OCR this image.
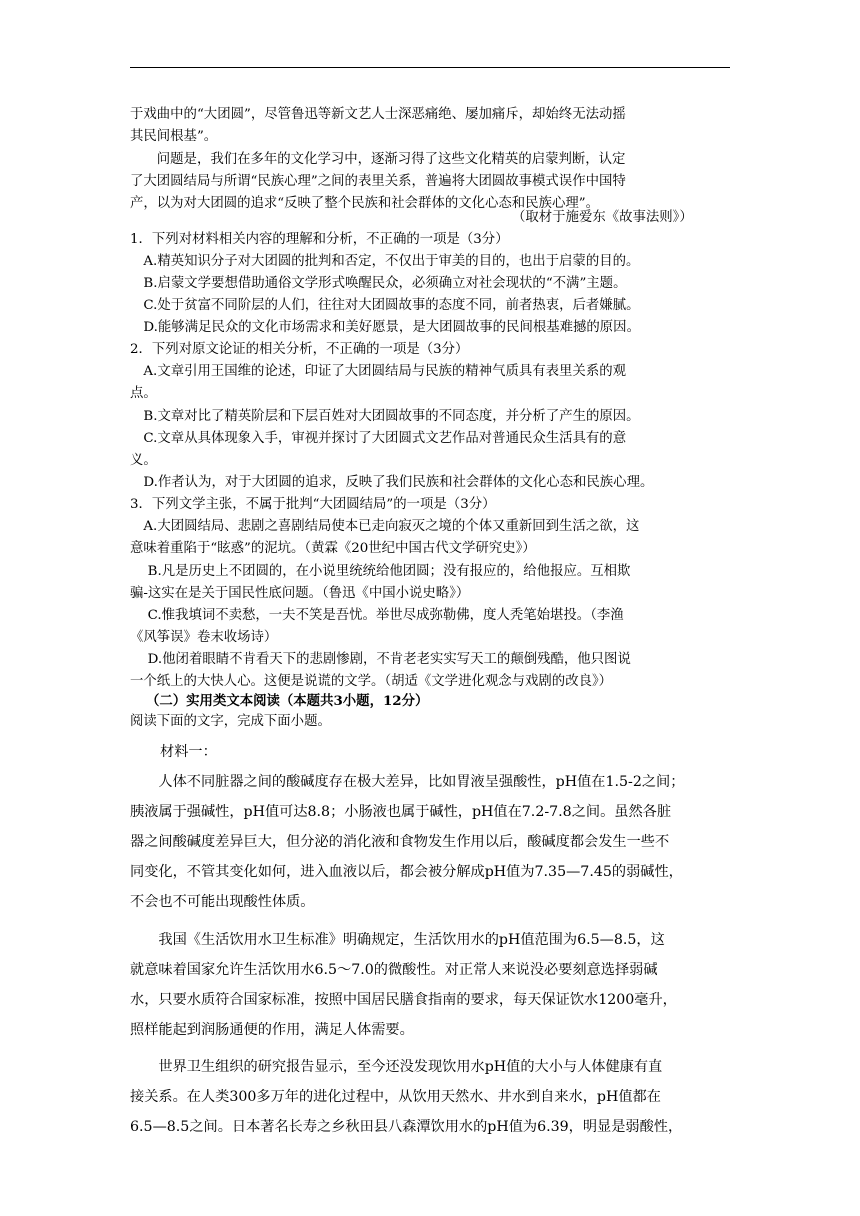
于戏曲中的“大团圆”，尽管鲁迅等新文艺人士深恶痛绝、屡加痛斥，却始终无法动摇
其民间根基”。
　　问题是，我们在多年的文化学习中，逐渐习得了这些文化精英的启蒙判断，认定
了大团圆结局与所谓“民族心理”之间的表里关系，普遍将大团圆故事模式误作中国特
产，以为对大团圆的追求“反映了整个民族和社会群体的文化心态和民族心理”。
（取材于施爱东《故事法则》）
1．下列对材料相关内容的理解和分析，不正确的一项是（3分）
　A.精英知识分子对大团圆的批判和否定，不仅出于审美的目的，也出于启蒙的目的。
　B.启蒙文学要想借助通俗文学形式唤醒民众，必须确立对社会现状的“不满”主题。
　C.处于贫富不同阶层的人们，往往对大团圆故事的态度不同，前者热衷，后者嫌腻。
　D.能够满足民众的文化市场需求和美好愿景，是大团圆故事的民间根基难撼的原因。
2．下列对原文论证的相关分析，不正确的一项是（3分）
　A.文章引用王国维的论述，印证了大团圆结局与民族的精神气质具有表里关系的观
点。
　B.文章对比了精英阶层和下层百姓对大团圆故事的不同态度，并分析了产生的原因。
　C.文章从具体现象入手，审视并探讨了大团圆式文艺作品对普通民众生活具有的意
义。
　D.作者认为，对于大团圆的追求，反映了我们民族和社会群体的文化心态和民族心理。
3．下列文学主张，不属于批判“大团圆结局”的一项是（3分）
　A.大团圆结局、悲剧之喜剧结局使本已走向寂灭之境的个体又重新回到生活之欲，这
意味着重陷于“眩惑”的泥坑。（黄霖《20世纪中国古代文学研究史》）
　 B.凡是历史上不团圆的，在小说里统统给他团圆；没有报应的，给他报应。互相欺
骗-这实在是关于国民性底问题。（鲁迅《中国小说史略》）
　 C.惟我填词不卖愁，一夫不笑是吾忧。举世尽成弥勒佛，度人秃笔始堪投。（李渔
《风筝误》卷末收场诗）
　 D.他闭着眼睛不肯看天下的悲剧惨剧，不肯老老实实写天工的颠倒残酷，他只图说
一个纸上的大快人心。这便是说谎的文学。（胡适《文学进化观念与戏剧的改良》）
（二）实用类文本阅读（本题共3小题，12分）
阅读下面的文字，完成下面小题。
材料一：
　　人体不同脏器之间的酸碱度存在极大差异，比如胃液呈强酸性，pH值在1.5-2之间；
胰液属于强碱性，pH值可达8.8；小肠液也属于碱性，pH值在7.2-7.8之间。虽然各脏
器之间酸碱度差异巨大，但分泌的消化液和食物发生作用以后，酸碱度都会发生一些不
同变化，不管其变化如何，进入血液以后，都会被分解成pH值为7.35—7.45的弱碱性，
不会也不可能出现酸性体质。
　　我国《生活饮用水卫生标准》明确规定，生活饮用水的pH值范围为6.5—8.5，这
就意味着国家允许生活饮用水6.5～7.0的微酸性。对正常人来说没必要刻意选择弱碱
水，只要水质符合国家标准，按照中国居民膳食指南的要求，每天保证饮水1200毫升，
照样能起到润肠通便的作用，满足人体需要。
　　世界卫生组织的研究报告显示，至今还没发现饮用水pH值的大小与人体健康有直
接关系。在人类300多万年的进化过程中，从饮用天然水、井水到自来水，pH值都在
6.5—8.5之间。日本著名长寿之乡秋田县八森潭饮用水的pH值为6.39，明显是弱酸性，
